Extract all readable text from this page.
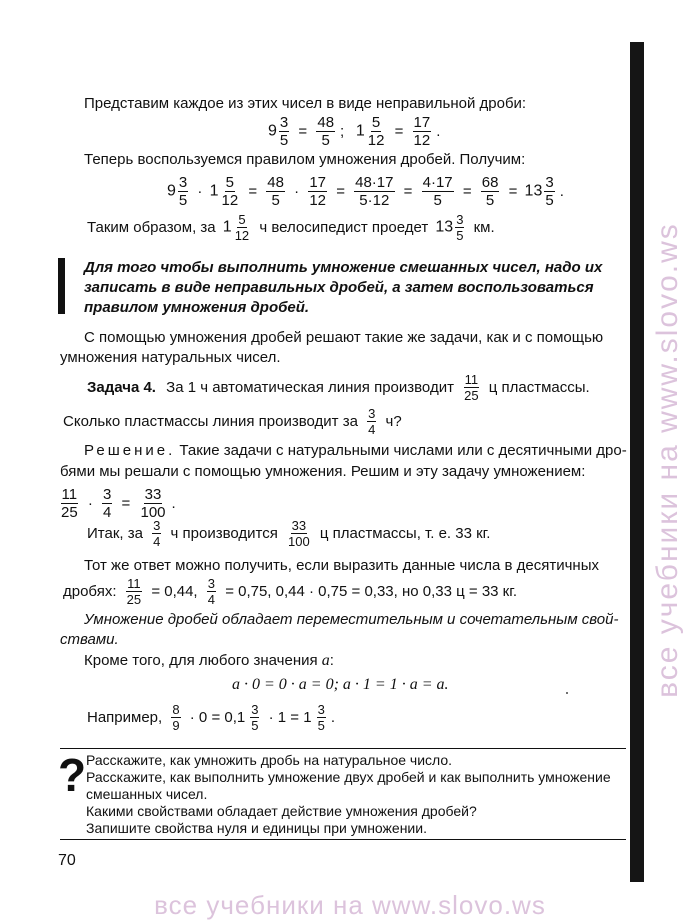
все учебники на www.slovo.ws
все учебники на www.slovo.ws
Представим каждое из этих чисел в виде неправильной дроби:
$9 \frac{3}{5} = \frac{48}{5}$ ;  $1 \frac{5}{12} = \frac{17}{12}$ .
Теперь воспользуемся правилом умножения дробей. Получим:
$9 \frac{3}{5} \cdot 1 \frac{5}{12} = \frac{48}{5} \cdot \frac{17}{12} = \frac{48\cdot 17}{5\cdot 12} = \frac{4\cdot 17}{5} = \frac{68}{5} = 13 \frac{3}{5}$ .
Таким образом, за $1 \frac{5}{12}$ ч велосипедист проедет $13 \frac{3}{5}$ км.
Для того чтобы выполнить умножение смешанных чисел, надо их записать в виде неправильных дробей, а затем воспользоваться правилом умножения дробей.
С помощью умножения дробей решают такие же задачи, как и с помощью
умножения натуральных чисел.
Задача 4. За 1 ч автоматическая линия производит $\frac{11}{25}$ ц пластмассы.
Сколько пластмассы линия производит за $\frac{3}{4} ч$?
Решение. Такие задачи с натуральными числами или с десятичными дро-
бями мы решали с помощью умножения. Решим и эту задачу умножением:
$\frac{11}{25} \cdot \frac{3}{4} = \frac{33}{100}$ .
Итак, за $\frac{3}{4}$ ч производится $\frac{33}{100}$ ц пластмассы, т. е. 33 кг.
Тот же ответ можно получить, если выразить данные числа в десятичных
дробях: $\frac{11}{25} = 0,44$, $\frac{3}{4} = 0,75$, 0,44 · 0,75 = 0,33, но 0,33 ц = 33 кг.
Умножение дробей обладает переместительным и сочетательным свой-
ствами.
Кроме того, для любого значения a:
a · 0 = 0 · a = 0; a · 1 = 1 · a = a.
Например, $\frac{8}{9} \cdot 0 = 0,1 \frac{3}{5} \cdot 1 = 1 \frac{3}{5}$ .
? Расскажите, как умножить дробь на натуральное число.
Расскажите, как выполнить умножение двух дробей и как выполнить умножение
смешанных чисел.
Какими свойствами обладает действие умножения дробей?
Запишите свойства нуля и единицы при умножении.
70
